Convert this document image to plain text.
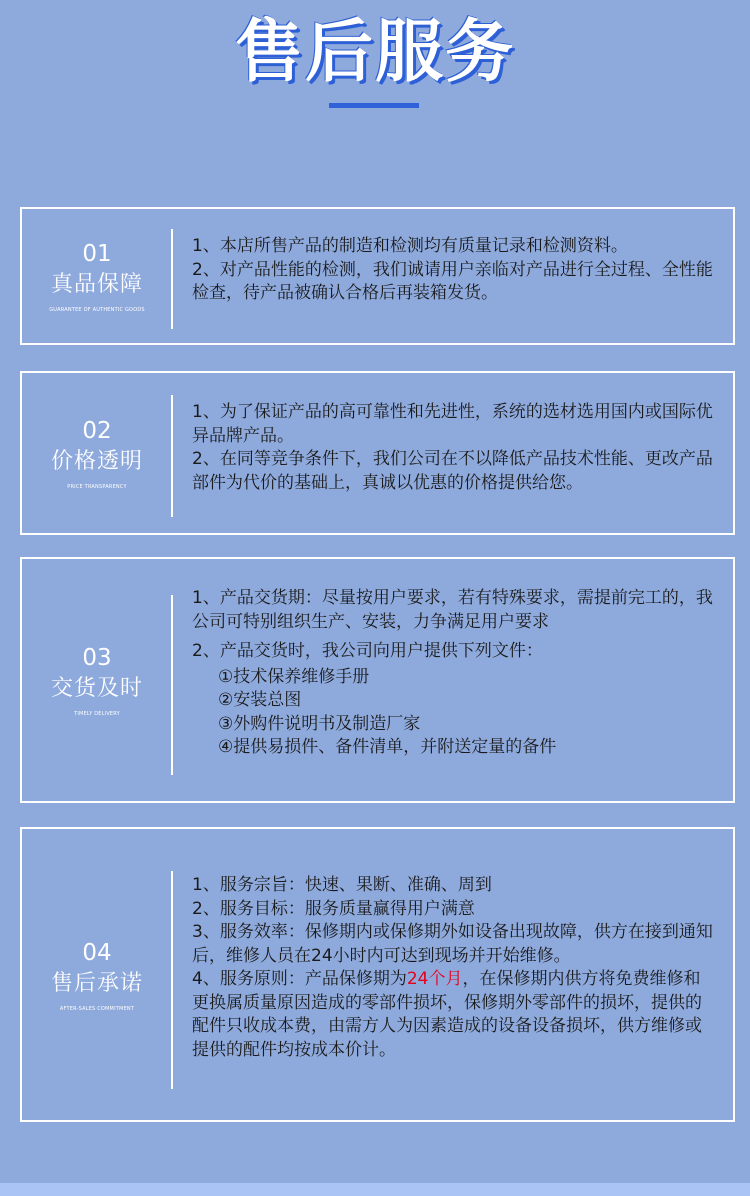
售后服务
01
真品保障
GUARANTEE OF AUTHENTIC GOODS

1、本店所售产品的制造和检测均有质量记录和检测资料。

2、对产品性能的检测，我们诚请用户亲临对产品进行全过程、全性能检查，待产品被确认合格后再装箱发货。

02
价格透明
PRICE TRANSPARENCY

1、为了保证产品的高可靠性和先进性，系统的选材选用国内或国际优异品牌产品。

2、在同等竞争条件下，我们公司在不以降低产品技术性能、更改产品部件为代价的基础上，真诚以优惠的价格提供给您。

03
交货及时
TIMELY DELIVERY

1、产品交货期：尽量按用户要求，若有特殊要求，需提前完工的，我公司可特别组织生产、安装，力争满足用户要求

2、产品交货时，我公司向用户提供下列文件：

①技术保养维修手册

②安装总图

③外购件说明书及制造厂家

④提供易损件、备件清单，并附送定量的备件

04
售后承诺
AFTER-SALES COMMITMENT

1、服务宗旨：快速、果断、准确、周到

2、服务目标：服务质量赢得用户满意

3、服务效率：保修期内或保修期外如设备出现故障，供方在接到通知后，维修人员在24小时内可达到现场并开始维修。

4、服务原则：产品保修期为24个月，在保修期内供方将免费维修和更换属质量原因造成的零部件损坏，保修期外零部件的损坏，提供的配件只收成本费，由需方人为因素造成的设备设备损坏，供方维修或提供的配件均按成本价计。
